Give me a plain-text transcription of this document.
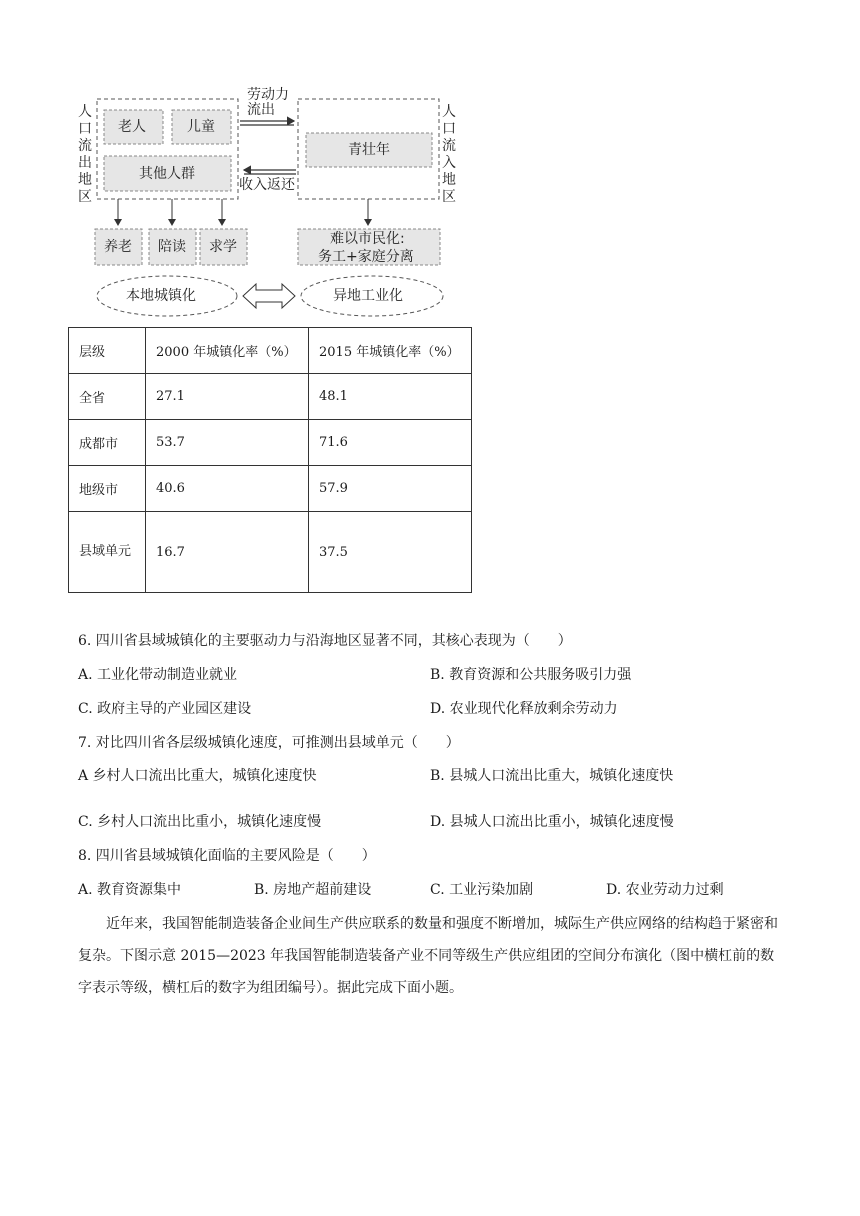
人口流出地区
人口流入地区
老人	儿童
其他人群
青壮年
劳动力流出
收入返还
养老 陪读 求学	难以市民化:
务工+家庭分离
本地城镇化	异地工业化
层级	2000 年城镇化率（%）	2015 年城镇化率（%）
全省	27.1	48.1
成都市	53.7	71.6
地级市	40.6	57.9
县域单元	16.7	37.5
6. 四川省县域城镇化的主要驱动力与沿海地区显著不同，其核心表现为（　　）
A. 工业化带动制造业就业	B. 教育资源和公共服务吸引力强
C. 政府主导的产业园区建设	D. 农业现代化释放剩余劳动力
7. 对比四川省各层级城镇化速度，可推测出县域单元（　　）
A 乡村人口流出比重大，城镇化速度快	B. 县城人口流出比重大，城镇化速度快
C. 乡村人口流出比重小，城镇化速度慢	D. 县城人口流出比重小，城镇化速度慢
8. 四川省县域城镇化面临的主要风险是（　　）
A. 教育资源集中	B. 房地产超前建设	C. 工业污染加剧	D. 农业劳动力过剩
近年来，我国智能制造装备企业间生产供应联系的数量和强度不断增加，城际生产供应网络的结构趋于紧密和复杂。下图示意 2015—2023 年我国智能制造装备产业不同等级生产供应组团的空间分布演化（图中横杠前的数字表示等级，横杠后的数字为组团编号）。据此完成下面小题。
